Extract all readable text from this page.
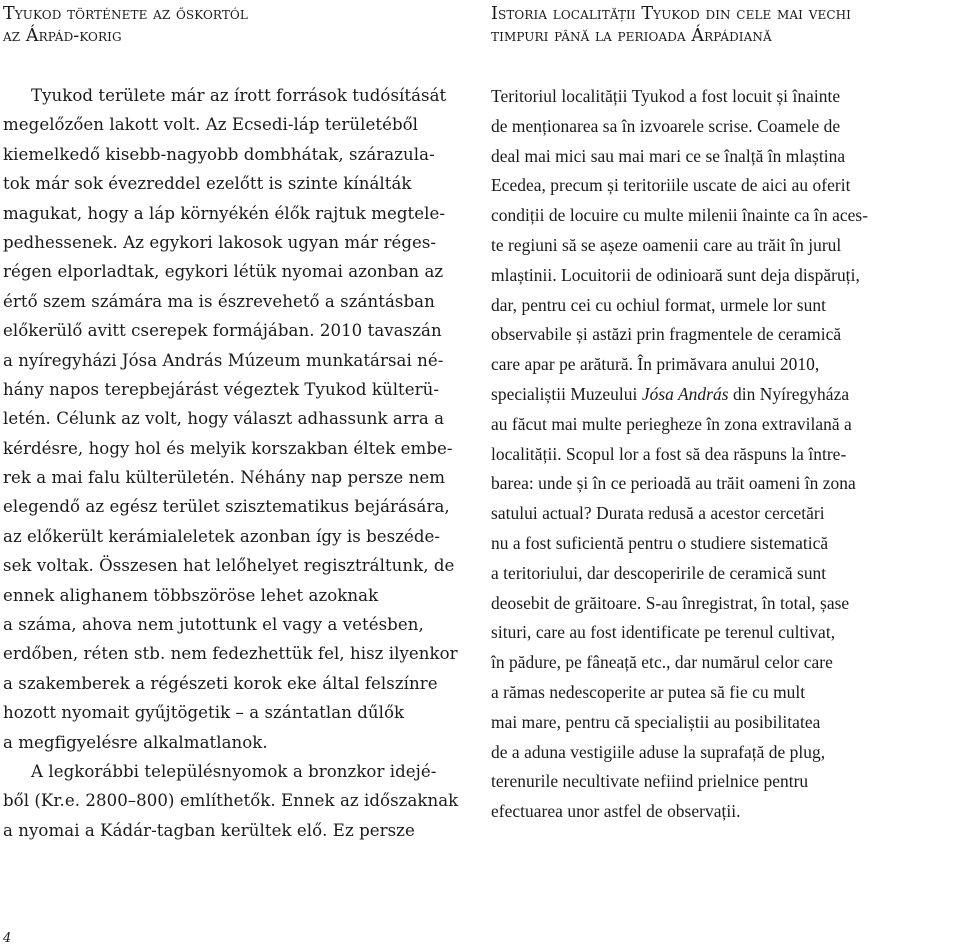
Tyukod története az őskortól
az Árpád-korig
Tyukod területe már az írott források tudósítását
megelőzően lakott volt. Az Ecsedi-láp területéből
kiemelkedő kisebb-nagyobb dombhátak, szárazula-
tok már sok évezreddel ezelőtt is szinte kínálták
magukat, hogy a láp környékén élők rajtuk megtele-
pedhessenek. Az egykori lakosok ugyan már réges-
régen elporladtak, egykori létük nyomai azonban az
értő szem számára ma is észrevehető a szántásban
előkerülő avitt cserepek formájában. 2010 tavaszán
a nyíregyházi Jósa András Múzeum munkatársai né-
hány napos terepbejárást végeztek Tyukod külterü-
letén. Célunk az volt, hogy választ adhassunk arra a
kérdésre, hogy hol és melyik korszakban éltek embe-
rek a mai falu külterületén. Néhány nap persze nem
elegendő az egész terület szisztematikus bejárására,
az előkerült kerámialeletek azonban így is beszéde-
sek voltak. Összesen hat lelőhelyet regisztráltunk, de
ennek alighanem többszöröse lehet azoknak
a száma, ahova nem jutottunk el vagy a vetésben,
erdőben, réten stb. nem fedezhettük fel, hisz ilyenkor
a szakemberek a régészeti korok eke által felszínre
hozott nyomait gyűjtögetik – a szántatlan dűlők
a megfigyelésre alkalmatlanok.
A legkorábbi településnyomok a bronzkor idejé-
ből (Kr.e. 2800–800) említhetők. Ennek az időszaknak
a nyomai a Kádár-tagban kerültek elő. Ez persze
Istoria localității Tyukod din cele mai vechi
timpuri până la perioada Árpádiană
Teritoriul localității Tyukod a fost locuit și înainte
de menționarea sa în izvoarele scrise. Coamele de
deal mai mici sau mai mari ce se înalță în mlaștina
Ecedea, precum și teritoriile uscate de aici au oferit
condiții de locuire cu multe milenii înainte ca în aces-
te regiuni să se așeze oamenii care au trăit în jurul
mlaștinii. Locuitorii de odinioară sunt deja dispăruți,
dar, pentru cei cu ochiul format, urmele lor sunt
observabile și astăzi prin fragmentele de ceramică
care apar pe arătură. În primăvara anului 2010,
specialiștii Muzeului Jósa András din Nyíregyháza
au făcut mai multe periegheze în zona extravilană a
localității. Scopul lor a fost să dea răspuns la între-
barea: unde și în ce perioadă au trăit oameni în zona
satului actual? Durata redusă a acestor cercetări
nu a fost suficientă pentru o studiere sistematică
a teritoriului, dar descoperirile de ceramică sunt
deosebit de grăitoare. S-au înregistrat, în total, șase
situri, care au fost identificate pe terenul cultivat,
în pădure, pe fâneață etc., dar numărul celor care
a rămas nedescoperite ar putea să fie cu mult
mai mare, pentru că specialiștii au posibilitatea
de a aduna vestigiile aduse la suprafață de plug,
terenurile necultivate nefiind prielnice pentru
efectuarea unor astfel de observații.
4
